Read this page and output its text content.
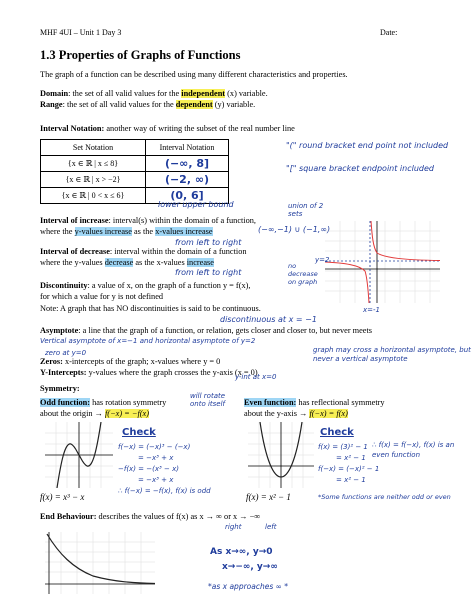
MHF 4UI – Unit 1 Day 3	Date:
1.3 Properties of Graphs of Functions
The graph of a function can be described using many different characteristics and properties.
Domain: the set of all valid values for the independent (x) variable.
Range: the set of all valid values for the dependent (y) variable.
Interval Notation: another way of writing the subset of the real number line
Set Notation	Interval Notation
{x ∈ ℝ | x ≤ 8}	(−∞, 8]
{x ∈ ℝ | x > −2}	(−2, ∞)
{x ∈ ℝ | 0 < x ≤ 6}	(0, 6]
"(" round bracket end point not included
"[" square bracket endpoint included
lower upper bound
Interval of increase: interval(s) within the domain of a function,
where the y-values increase as the x-values increase
from left to right
Interval of decrease: interval within the domain of a function
where the y-values decrease as the x-values increase
from left to right
union of 2 sets
(−∞,−1) ∪ (−1,∞)
no decrease on graph
y=2
x=-1
Discontinuity: a value of x, on the graph of a function y = f(x),
for which a value for y is not defined
Note: A graph that has NO discontinuities is said to be continuous.
discontinuous at x = −1
Asymptote: a line that the graph of a function, or relation, gets closer and closer to, but never meets
Vertical asymptote of x=−1 and horizontal asymptote of y=2
graph may cross a horizontal asymptote, but never a vertical asymptote
zero at y=0
Zeros: x-intercepts of the graph; x-values where y = 0
Y-Intercepts: y-values where the graph crosses the y-axis (x = 0)
y-int at x=0
Symmetry:
Odd function: has rotation symmetry
about the origin → f(−x) = −f(x)
will rotate onto itself	Even function: has reflectional symmetry
about the y-axis → f(−x) = f(x)
f(x) = x³ − x
Check
f(−x) = (−x)³ − (−x)
= −x³ + x
−f(x) = −(x³ − x)
= −x³ + x
∴ f(−x) = −f(x), f(x) is odd
f(x) = x² − 1
Check
f(x) = (3)² − 1
= x² − 1
f(−x) = (−x)² − 1
= x² − 1
∴ f(x) = f(−x), f(x) is an even function
*Some functions are neither odd or even
End Behaviour: describes the values of f(x) as x → ∞ or x → −∞
right	left
As x→∞, y→0
x→−∞, y→∞
*as x approaches ∞ *
